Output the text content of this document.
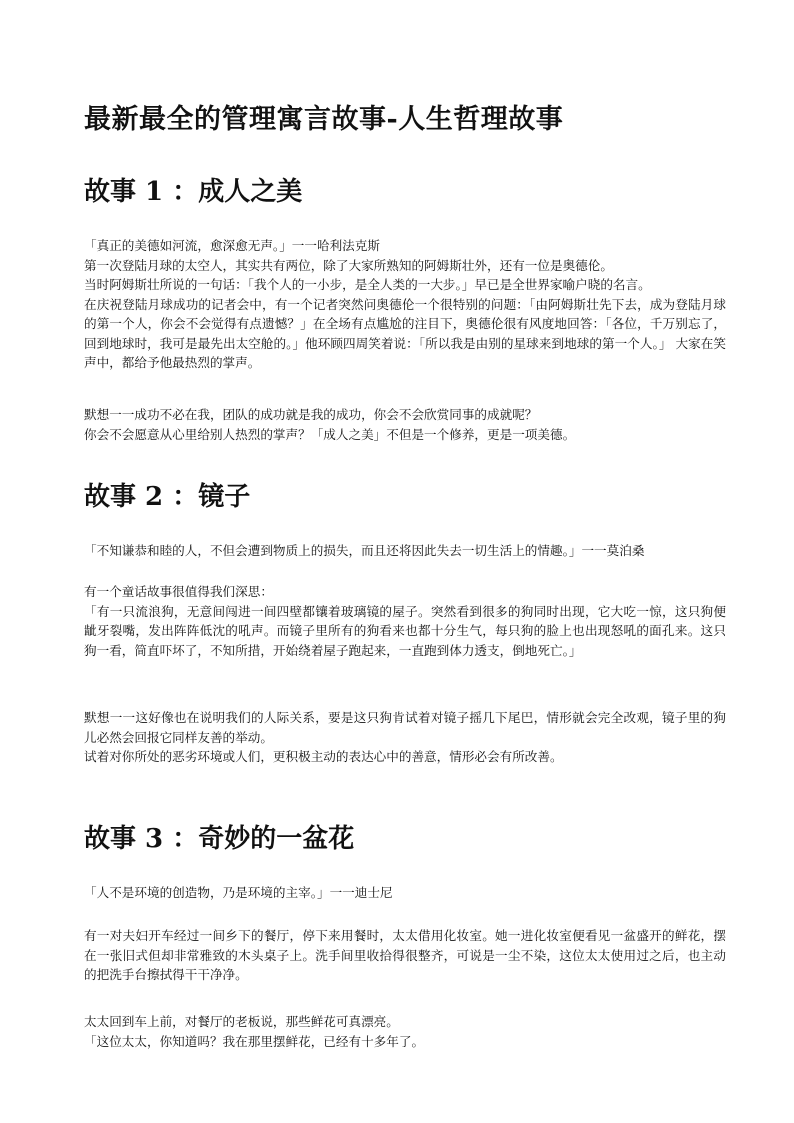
最新最全的管理寓言故事-人生哲理故事
故事 1 ：成人之美
「真正的美德如河流，愈深愈无声。」一一哈利法克斯
第一次登陆月球的太空人，其实共有两位，除了大家所熟知的阿姆斯壮外，还有一位是奥德伦。
当时阿姆斯壮所说的一句话：「我个人的一小步，是全人类的一大步。」早已是全世界家喻户晓的名言。
在庆祝登陆月球成功的记者会中，有一个记者突然问奥德伦一个很特别的问题：「由阿姆斯壮先下去，成为登陆月球的第一个人，你会不会觉得有点遗憾？」在全场有点尴尬的注目下，奥德伦很有风度地回答：「各位，千万别忘了，回到地球时，我可是最先出太空舱的。」他环顾四周笑着说：「所以我是由别的星球来到地球的第一个人。」 大家在笑声中，都给予他最热烈的掌声。
默想一一成功不必在我，团队的成功就是我的成功，你会不会欣赏同事的成就呢？
你会不会愿意从心里给别人热烈的掌声？「成人之美」不但是一个修养，更是一项美德。
故事 2 ：镜子
「不知谦恭和睦的人，不但会遭到物质上的损失，而且还将因此失去一切生活上的情趣。」一一莫泊桑
有一个童话故事很值得我们深思：
「有一只流浪狗，无意间闯进一间四壁都镶着玻璃镜的屋子。突然看到很多的狗同时出现，它大吃一惊，这只狗便龇牙裂嘴，发出阵阵低沈的吼声。而镜子里所有的狗看来也都十分生气，每只狗的脸上也出现怒吼的面孔来。这只狗一看，简直吓坏了，不知所措，开始绕着屋子跑起来，一直跑到体力透支，倒地死亡。」
默想一一这好像也在说明我们的人际关系，要是这只狗肯试着对镜子摇几下尾巴，情形就会完全改观，镜子里的狗儿必然会回报它同样友善的举动。
试着对你所处的恶劣环境或人们，更积极主动的表达心中的善意，情形必会有所改善。
故事 3 ：奇妙的一盆花
「人不是环境的创造物，乃是环境的主宰。」一一迪士尼
有一对夫妇开车经过一间乡下的餐厅，停下来用餐时，太太借用化妆室。她一进化妆室便看见一盆盛开的鲜花，摆在一张旧式但却非常雅致的木头桌子上。洗手间里收拾得很整齐，可说是一尘不染，这位太太使用过之后，也主动的把洗手台擦拭得干干净净。
太太回到车上前，对餐厅的老板说，那些鲜花可真漂亮。
「这位太太，你知道吗？我在那里摆鲜花，已经有十多年了。
